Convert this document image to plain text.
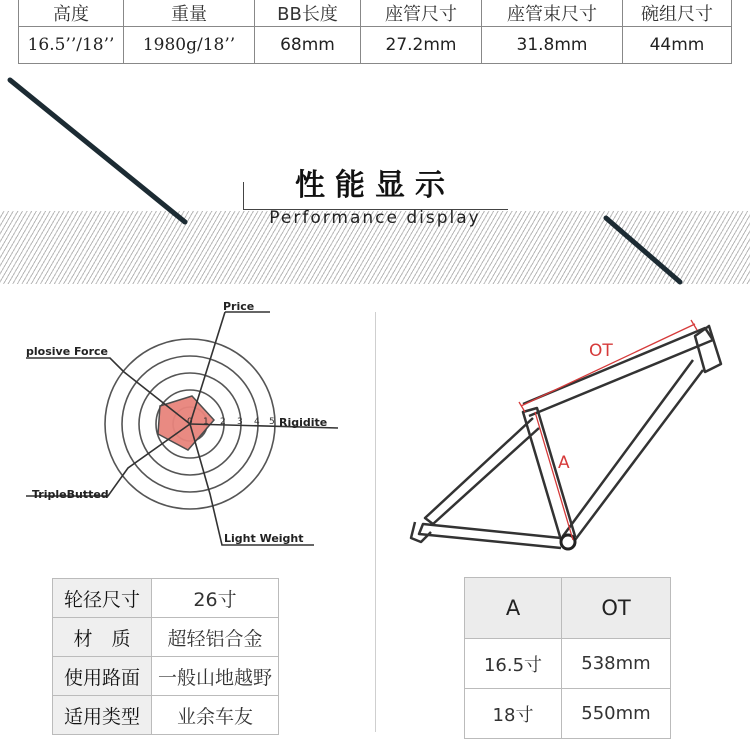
高度	重量	BB长度	座管尺寸	座管束尺寸	碗组尺寸
16.5’’/18’’	1980g/18’’	68mm	27.2mm	31.8mm	44mm
性能显示
Performance display
Price
plosive Force
Rigidite
TripleButted
Light Weight
0 1 2 3 4 5
OT
A
轮径尺寸	26寸
材　质	超轻铝合金
使用路面	一般山地越野
适用类型	业余车友
A	OT
16.5寸	538mm
18寸	550mm
